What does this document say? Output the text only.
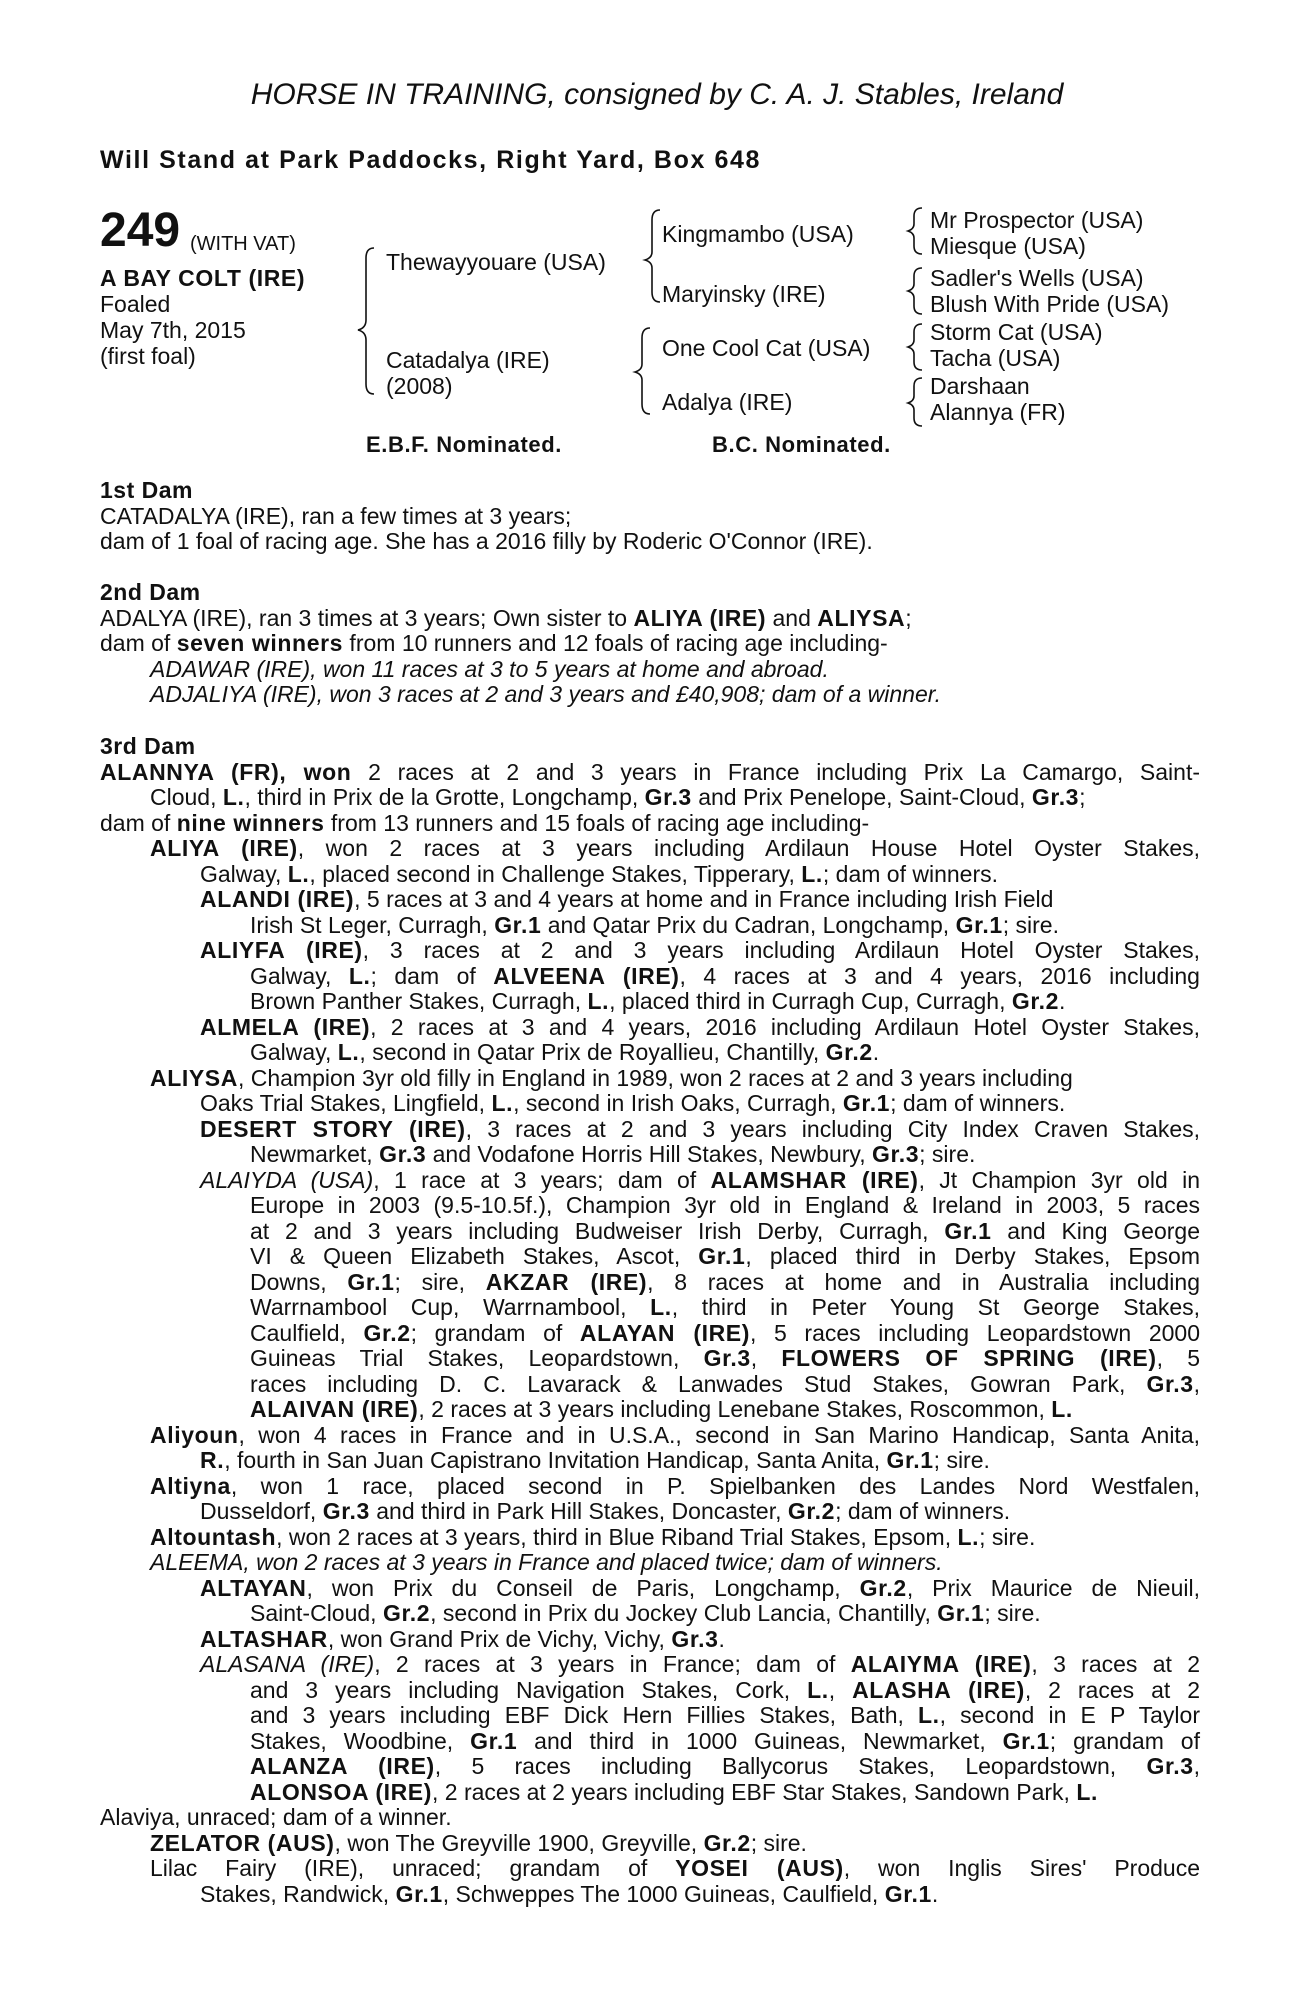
HORSE IN TRAINING, consigned by C. A. J. Stables, Ireland
Will Stand at Park Paddocks, Right Yard, Box 648
249 (WITH VAT)
A BAY COLT (IRE)
Foaled
May 7th, 2015
(first foal)
Thewayyouare (USA)
Catadalya (IRE)
(2008)
Kingmambo (USA)
Maryinsky (IRE)
One Cool Cat (USA)
Adalya (IRE)
Mr Prospector (USA)
Miesque (USA)
Sadler's Wells (USA)
Blush With Pride (USA)
Storm Cat (USA)
Tacha (USA)
Darshaan
Alannya (FR)
E.B.F. Nominated.	B.C. Nominated.
1st Dam
CATADALYA (IRE), ran a few times at 3 years;
dam of 1 foal of racing age. She has a 2016 filly by Roderic O'Connor (IRE).
2nd Dam
ADALYA (IRE), ran 3 times at 3 years; Own sister to ALIYA (IRE) and ALIYSA;
dam of seven winners from 10 runners and 12 foals of racing age including-
ADAWAR (IRE), won 11 races at 3 to 5 years at home and abroad.
ADJALIYA (IRE), won 3 races at 2 and 3 years and £40,908; dam of a winner.
3rd Dam
ALANNYA (FR), won 2 races at 2 and 3 years in France including Prix La Camargo, Saint-
Cloud, L., third in Prix de la Grotte, Longchamp, Gr.3 and Prix Penelope, Saint-Cloud, Gr.3;
dam of nine winners from 13 runners and 15 foals of racing age including-
ALIYA (IRE), won 2 races at 3 years including Ardilaun House Hotel Oyster Stakes,
Galway, L., placed second in Challenge Stakes, Tipperary, L.; dam of winners.
ALANDI (IRE), 5 races at 3 and 4 years at home and in France including Irish Field
Irish St Leger, Curragh, Gr.1 and Qatar Prix du Cadran, Longchamp, Gr.1; sire.
ALIYFA (IRE), 3 races at 2 and 3 years including Ardilaun Hotel Oyster Stakes,
Galway, L.; dam of ALVEENA (IRE), 4 races at 3 and 4 years, 2016 including
Brown Panther Stakes, Curragh, L., placed third in Curragh Cup, Curragh, Gr.2.
ALMELA (IRE), 2 races at 3 and 4 years, 2016 including Ardilaun Hotel Oyster Stakes,
Galway, L., second in Qatar Prix de Royallieu, Chantilly, Gr.2.
ALIYSA, Champion 3yr old filly in England in 1989, won 2 races at 2 and 3 years including
Oaks Trial Stakes, Lingfield, L., second in Irish Oaks, Curragh, Gr.1; dam of winners.
DESERT STORY (IRE), 3 races at 2 and 3 years including City Index Craven Stakes,
Newmarket, Gr.3 and Vodafone Horris Hill Stakes, Newbury, Gr.3; sire.
ALAIYDA (USA), 1 race at 3 years; dam of ALAMSHAR (IRE), Jt Champion 3yr old in
Europe in 2003 (9.5-10.5f.), Champion 3yr old in England & Ireland in 2003, 5 races
at 2 and 3 years including Budweiser Irish Derby, Curragh, Gr.1 and King George
VI & Queen Elizabeth Stakes, Ascot, Gr.1, placed third in Derby Stakes, Epsom
Downs, Gr.1; sire, AKZAR (IRE), 8 races at home and in Australia including
Warrnambool Cup, Warrnambool, L., third in Peter Young St George Stakes,
Caulfield, Gr.2; grandam of ALAYAN (IRE), 5 races including Leopardstown 2000
Guineas Trial Stakes, Leopardstown, Gr.3, FLOWERS OF SPRING (IRE), 5
races including D. C. Lavarack & Lanwades Stud Stakes, Gowran Park, Gr.3,
ALAIVAN (IRE), 2 races at 3 years including Lenebane Stakes, Roscommon, L.
Aliyoun, won 4 races in France and in U.S.A., second in San Marino Handicap, Santa Anita,
R., fourth in San Juan Capistrano Invitation Handicap, Santa Anita, Gr.1; sire.
Altiyna, won 1 race, placed second in P. Spielbanken des Landes Nord Westfalen,
Dusseldorf, Gr.3 and third in Park Hill Stakes, Doncaster, Gr.2; dam of winners.
Altountash, won 2 races at 3 years, third in Blue Riband Trial Stakes, Epsom, L.; sire.
ALEEMA, won 2 races at 3 years in France and placed twice; dam of winners.
ALTAYAN, won Prix du Conseil de Paris, Longchamp, Gr.2, Prix Maurice de Nieuil,
Saint-Cloud, Gr.2, second in Prix du Jockey Club Lancia, Chantilly, Gr.1; sire.
ALTASHAR, won Grand Prix de Vichy, Vichy, Gr.3.
ALASANA (IRE), 2 races at 3 years in France; dam of ALAIYMA (IRE), 3 races at 2
and 3 years including Navigation Stakes, Cork, L., ALASHA (IRE), 2 races at 2
and 3 years including EBF Dick Hern Fillies Stakes, Bath, L., second in E P Taylor
Stakes, Woodbine, Gr.1 and third in 1000 Guineas, Newmarket, Gr.1; grandam of
ALANZA (IRE), 5 races including Ballycorus Stakes, Leopardstown, Gr.3,
ALONSOA (IRE), 2 races at 2 years including EBF Star Stakes, Sandown Park, L.
Alaviya, unraced; dam of a winner.
ZELATOR (AUS), won The Greyville 1900, Greyville, Gr.2; sire.
Lilac Fairy (IRE), unraced; grandam of YOSEI (AUS), won Inglis Sires' Produce
Stakes, Randwick, Gr.1, Schweppes The 1000 Guineas, Caulfield, Gr.1.
